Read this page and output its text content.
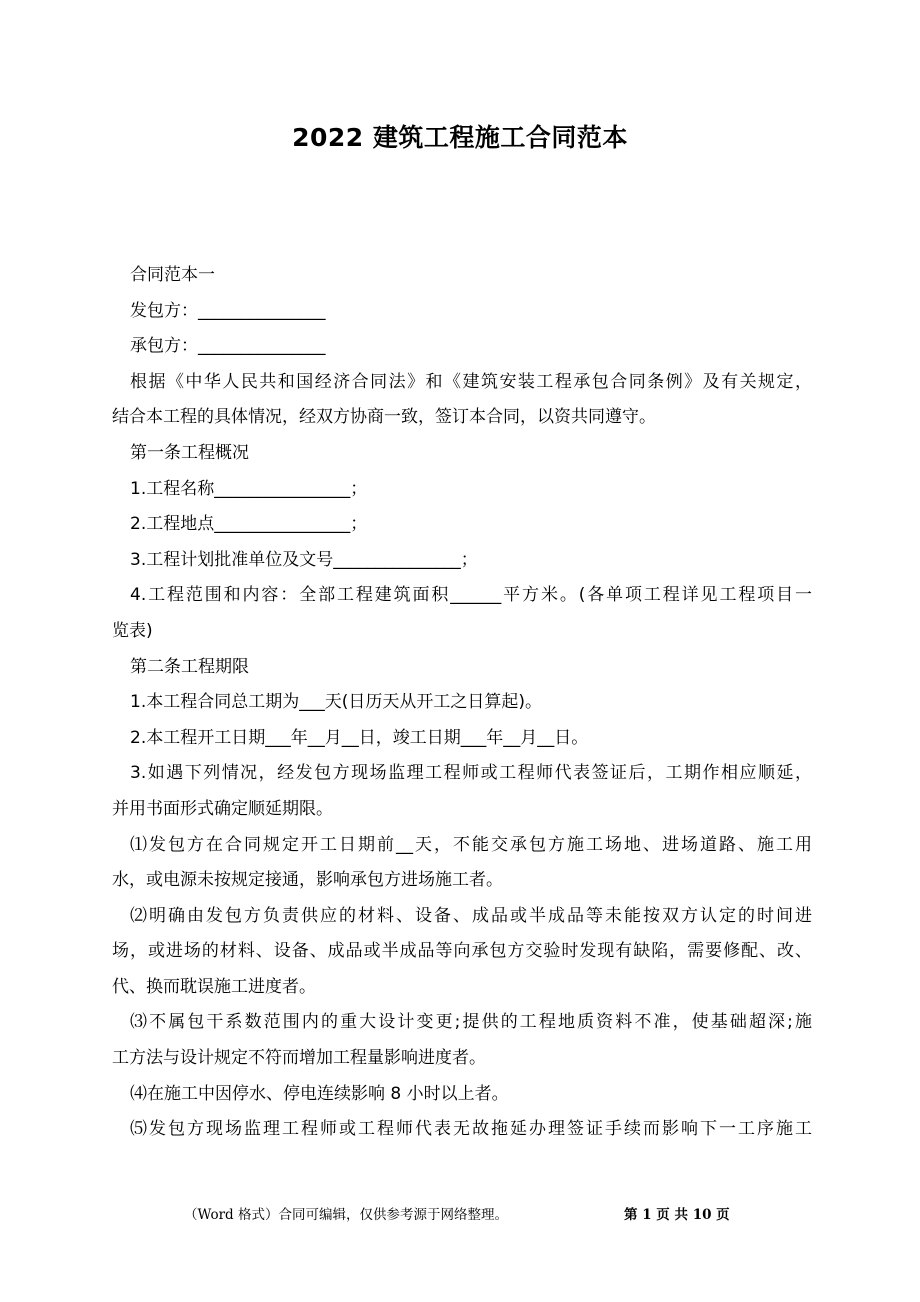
2022 建筑工程施工合同范本
合同范本一
发包方：_______________
承包方：_______________
根据《中华人民共和国经济合同法》和《建筑安装工程承包合同条例》及有关规定，
结合本工程的具体情况，经双方协商一致，签订本合同，以资共同遵守。
第一条工程概况
1.工程名称________________；
2.工程地点________________；
3.工程计划批准单位及文号_______________；
4.工程范围和内容：全部工程建筑面积______平方米。(各单项工程详见工程项目一
览表)
第二条工程期限
1.本工程合同总工期为___天(日历天从开工之日算起)。
2.本工程开工日期___年__月__日，竣工日期___年__月__日。
3.如遇下列情况，经发包方现场监理工程师或工程师代表签证后，工期作相应顺延，
并用书面形式确定顺延期限。
⑴发包方在合同规定开工日期前__天，不能交承包方施工场地、进场道路、施工用
水，或电源未按规定接通，影响承包方进场施工者。
⑵明确由发包方负责供应的材料、设备、成品或半成品等未能按双方认定的时间进
场，或进场的材料、设备、成品或半成品等向承包方交验时发现有缺陷，需要修配、改、
代、换而耽误施工进度者。
⑶不属包干系数范围内的重大设计变更;提供的工程地质资料不准，使基础超深;施
工方法与设计规定不符而增加工程量影响进度者。
⑷在施工中因停水、停电连续影响 8 小时以上者。
⑸发包方现场监理工程师或工程师代表无故拖延办理签证手续而影响下一工序施工
（Word 格式）合同可编辑，仅供参考源于网络整理。	第 1 页 共 10 页
